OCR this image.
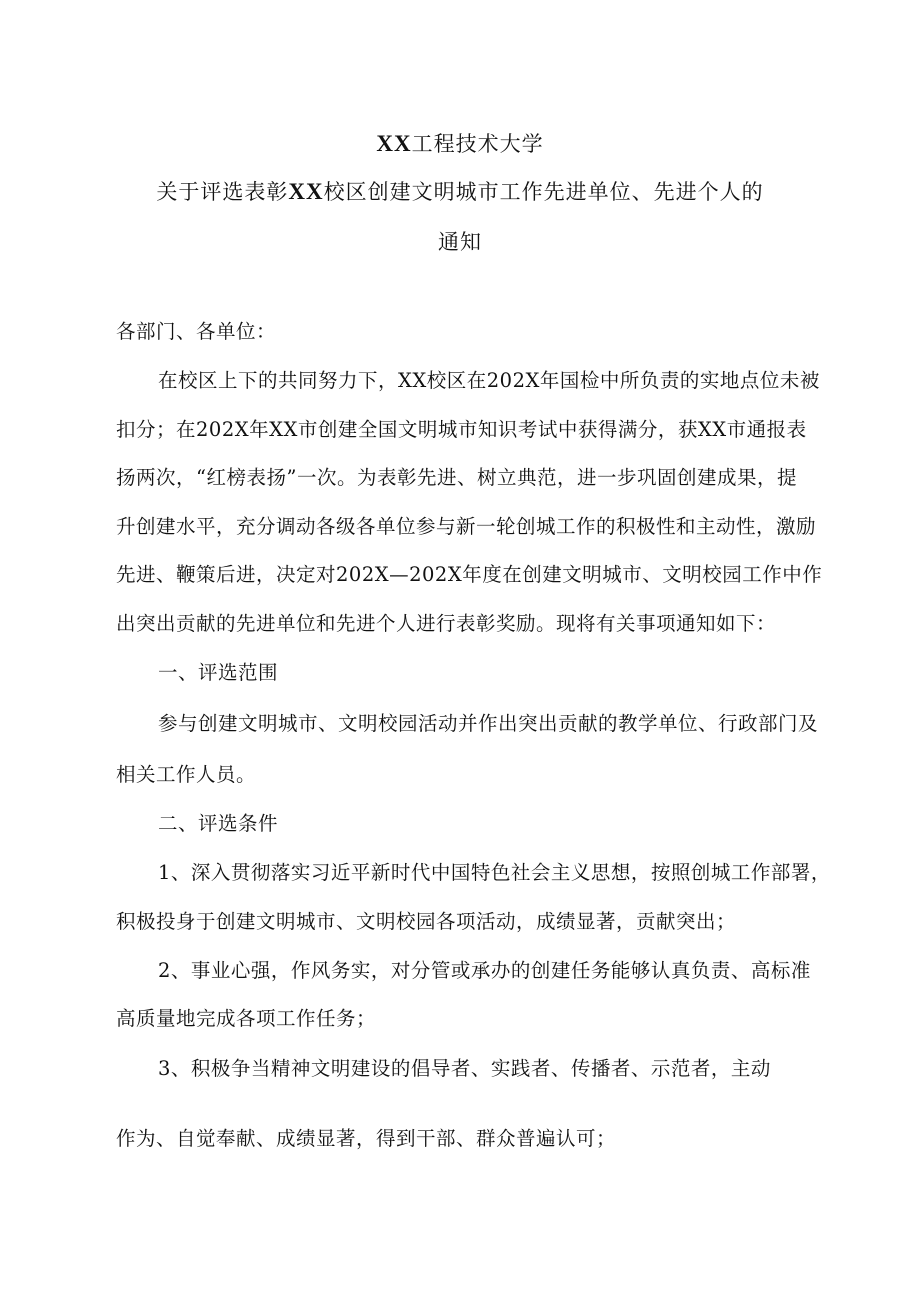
XX工程技术大学
关于评选表彰XX校区创建文明城市工作先进单位、先进个人的
通知
各部门、各单位：
在校区上下的共同努力下，XX校区在202X年国检中所负责的实地点位未被
扣分；在202X年XX市创建全国文明城市知识考试中获得满分，获XX市通报表
扬两次，“红榜表扬”一次。为表彰先进、树立典范，进一步巩固创建成果，提
升创建水平，充分调动各级各单位参与新一轮创城工作的积极性和主动性，激励
先进、鞭策后进，决定对202X—202X年度在创建文明城市、文明校园工作中作
出突出贡献的先进单位和先进个人进行表彰奖励。现将有关事项通知如下：
一、评选范围
参与创建文明城市、文明校园活动并作出突出贡献的教学单位、行政部门及
相关工作人员。
二、评选条件
1、深入贯彻落实习近平新时代中国特色社会主义思想，按照创城工作部署，
积极投身于创建文明城市、文明校园各项活动，成绩显著，贡献突出；
2、事业心强，作风务实，对分管或承办的创建任务能够认真负责、高标准
高质量地完成各项工作任务；
3、积极争当精神文明建设的倡导者、实践者、传播者、示范者，主动
作为、自觉奉献、成绩显著，得到干部、群众普遍认可；
